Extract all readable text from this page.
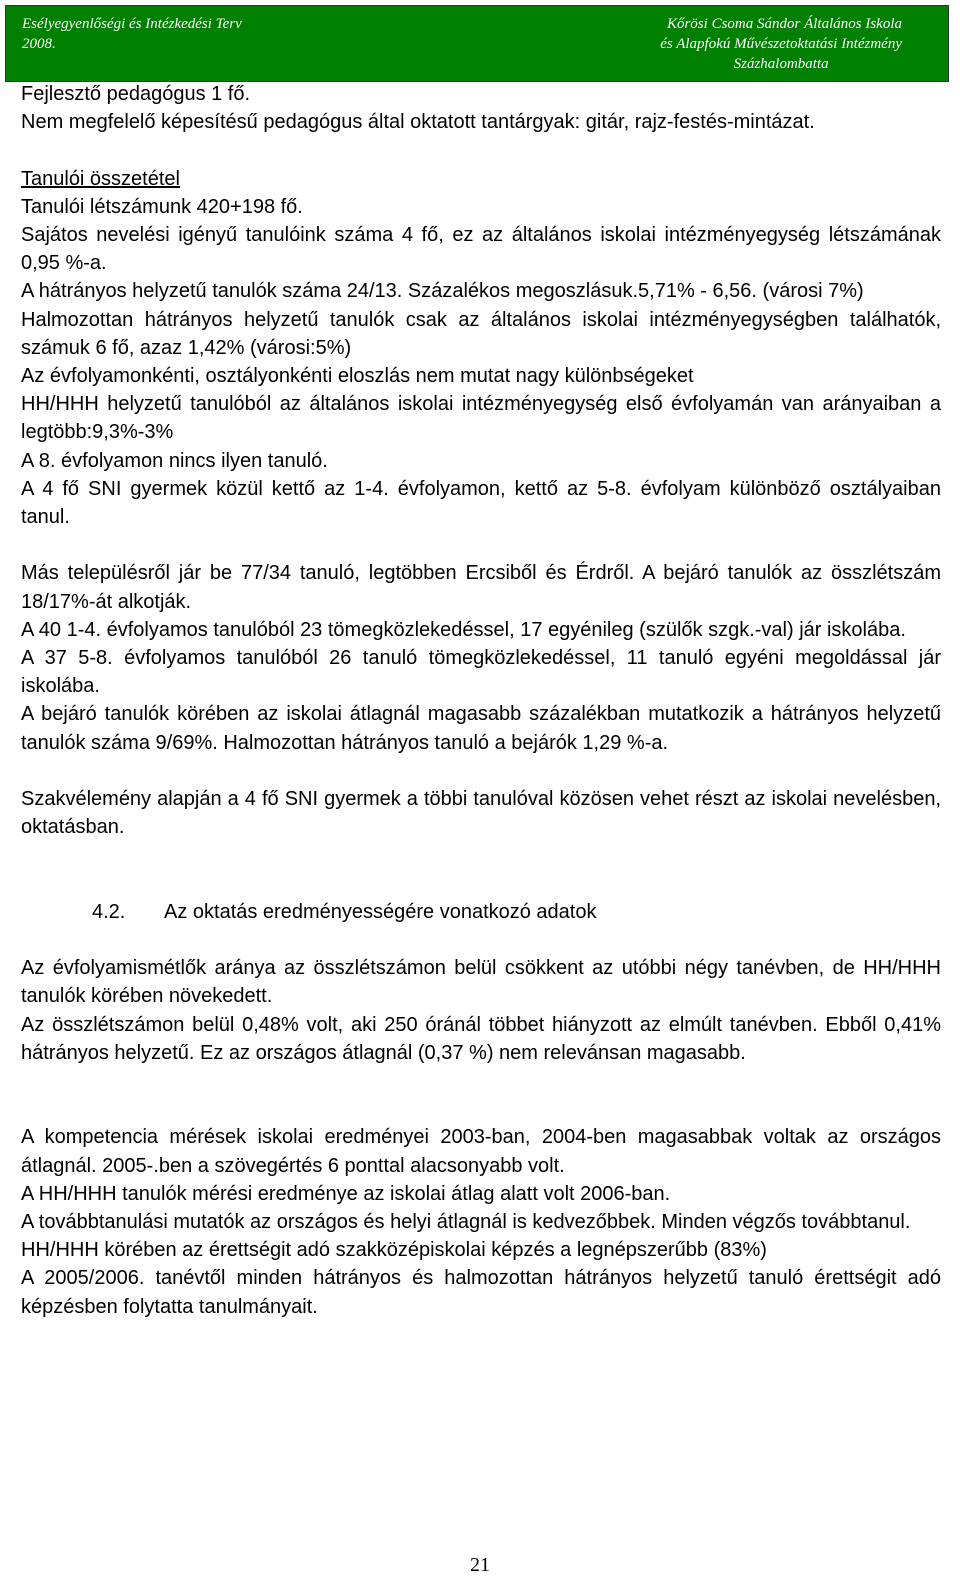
Esélyegyenlőségi és Intézkedési Terv
2008.
Kőrösi Csoma Sándor Általános Iskola
és Alapfokú Művészetoktatási Intézmény
Százhalombatta

Fejlesztő pedagógus 1 fő.

Nem megfelelő képesítésű pedagógus által oktatott tantárgyak: gitár, rajz-festés-mintázat.

Tanulói összetétel

Tanulói létszámunk 420+198 fő.

Sajátos nevelési igényű tanulóink száma 4 fő, ez az általános iskolai intézményegység létszámának 0,95 %-a.

A hátrányos helyzetű tanulók száma 24/13. Százalékos megoszlásuk.5,71% - 6,56. (városi 7%)

Halmozottan hátrányos helyzetű tanulók csak az általános iskolai intézményegységben találhatók, számuk 6 fő, azaz 1,42% (városi:5%)

Az évfolyamonkénti, osztályonkénti eloszlás nem mutat nagy különbségeket

HH/HHH helyzetű tanulóból az általános iskolai intézményegység első évfolyamán van arányaiban a legtöbb:9,3%-3%

A 8. évfolyamon nincs ilyen tanuló.

A 4 fő SNI gyermek közül kettő az 1-4. évfolyamon, kettő az 5-8. évfolyam különböző osztályaiban tanul.

Más településről jár be 77/34 tanuló, legtöbben Ercsiből és Érdről. A bejáró tanulók az összlétszám 18/17%-át alkotják.

A 40 1-4. évfolyamos tanulóból 23 tömegközlekedéssel, 17 egyénileg (szülők szgk.-val) jár iskolába.

A 37 5-8. évfolyamos tanulóból 26 tanuló tömegközlekedéssel, 11 tanuló egyéni megoldással jár iskolába.

A bejáró tanulók körében az iskolai átlagnál magasabb százalékban mutatkozik a hátrányos helyzetű tanulók száma 9/69%. Halmozottan hátrányos tanuló a bejárók 1,29 %-a.

Szakvélemény alapján a 4 fő SNI gyermek a többi tanulóval közösen vehet részt az iskolai nevelésben, oktatásban.

4.2. Az oktatás eredményességére vonatkozó adatok

Az évfolyamismétlők aránya az összlétszámon belül csökkent az utóbbi négy tanévben, de HH/HHH tanulók körében növekedett.

Az összlétszámon belül 0,48% volt, aki 250 óránál többet hiányzott az elmúlt tanévben. Ebből 0,41% hátrányos helyzetű. Ez az országos átlagnál (0,37 %) nem relevánsan magasabb.

A kompetencia mérések iskolai eredményei 2003-ban, 2004-ben magasabbak voltak az országos átlagnál. 2005-.ben a szövegértés 6 ponttal alacsonyabb volt.

A HH/HHH tanulók mérési eredménye az iskolai átlag alatt volt 2006-ban.

A továbbtanulási mutatók az országos és helyi átlagnál is kedvezőbbek. Minden végzős továbbtanul.

HH/HHH körében az érettségit adó szakközépiskolai képzés a legnépszerűbb (83%)

A 2005/2006. tanévtől minden hátrányos és halmozottan hátrányos helyzetű tanuló érettségit adó képzésben folytatta tanulmányait.

21
